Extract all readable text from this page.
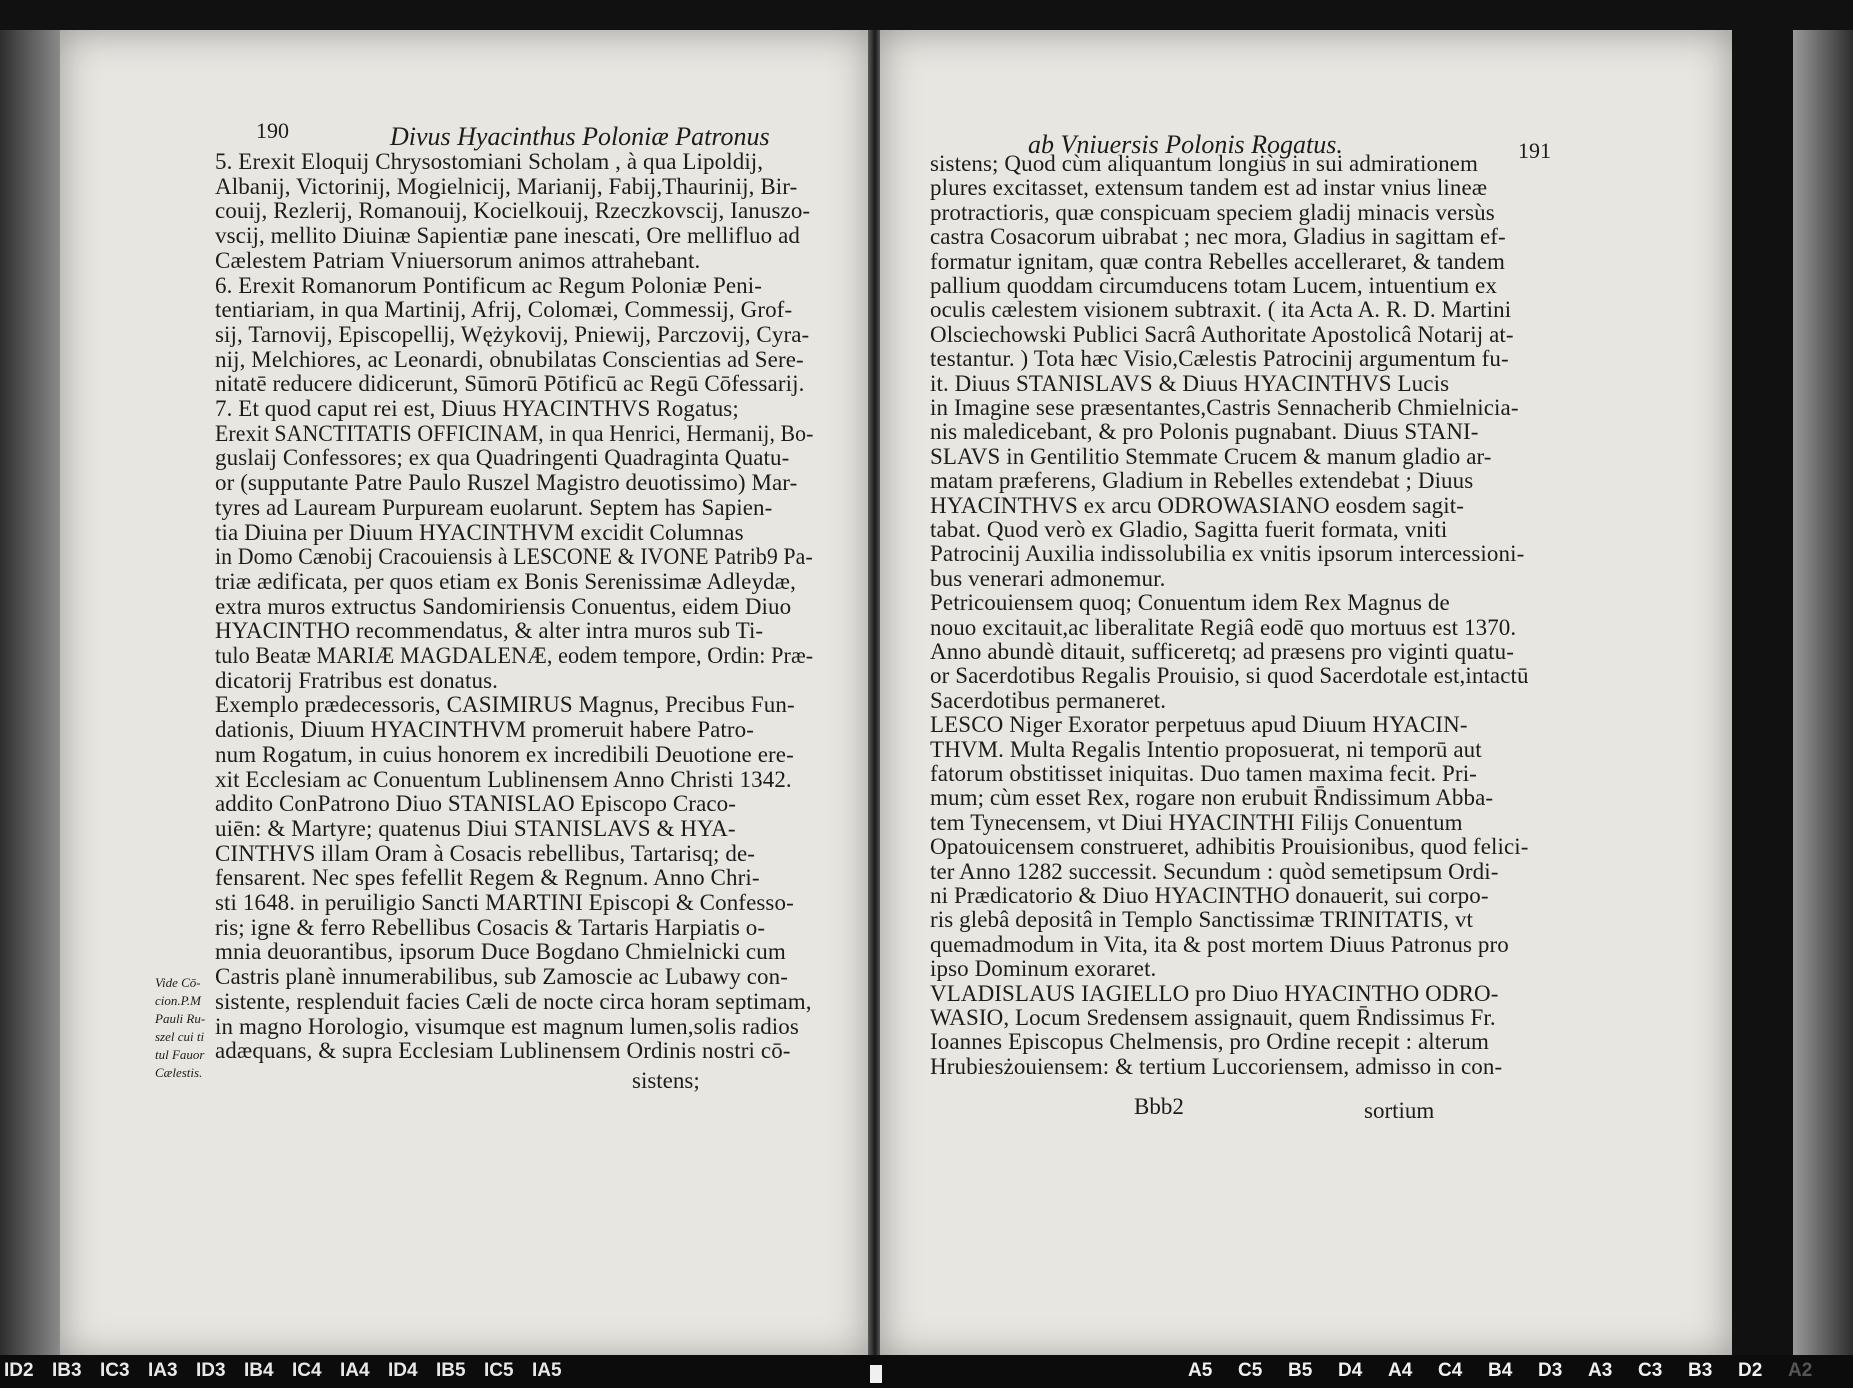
190	Divus Hyacinthus Poloniæ Patronus
5. Erexit Eloquij Chrysostomiani Scholam , à qua Lipoldij,
Albanij, Victorinij, Mogielnicij, Marianij, Fabij,Thaurinij, Bir-
couij, Rezlerij, Romanouij, Kocielkouij, Rzeczkovscij, Ianuszo-
vscij, mellito Diuinæ Sapientiæ pane inescati, Ore mellifluo ad
Cælestem Patriam Vniuersorum animos attrahebant.
6. Erexit Romanorum Pontificum ac Regum Poloniæ Peni-
tentiariam, in qua Martinij, Afrij, Colomæi, Commessij, Grof-
sij, Tarnovij, Episcopellij, Wężykovij, Pniewij, Parczovij, Cyra-
nij, Melchiores, ac Leonardi, obnubilatas Conscientias ad Sere-
nitatē reducere didicerunt, Sūmorū Pōtificū ac Regū Cōfessarij.
7. Et quod caput rei est, Diuus HYACINTHVS Rogatus;
Erexit SANCTITATIS OFFICINAM, in qua Henrici, Hermanij, Bo-
guslaij Confessores; ex qua Quadringenti Quadraginta Quatu-
or (supputante Patre Paulo Ruszel Magistro deuotissimo) Mar-
tyres ad Lauream Purpuream euolarunt. Septem has Sapien-
tia Diuina per Diuum HYACINTHVM excidit Columnas
in Domo Cænobij Cracouiensis à LESCONE & IVONE Patrib9 Pa-
triæ ædificata, per quos etiam ex Bonis Serenissimæ Adleydæ,
extra muros extructus Sandomiriensis Conuentus, eidem Diuo
HYACINTHO recommendatus, & alter intra muros sub Ti-
tulo Beatæ MARIÆ MAGDALENÆ, eodem tempore, Ordin: Præ-
dicatorij Fratribus est donatus.
Exemplo prædecessoris, CASIMIRUS Magnus, Precibus Fun-
dationis, Diuum HYACINTHVM promeruit habere Patro-
num Rogatum, in cuius honorem ex incredibili Deuotione ere-
xit Ecclesiam ac Conuentum Lublinensem Anno Christi 1342.
addito ConPatrono Diuo STANISLAO Episcopo Craco-
uiēn: & Martyre; quatenus Diui STANISLAVS & HYA-
CINTHVS illam Oram à Cosacis rebellibus, Tartarisq; de-
fensarent. Nec spes fefellit Regem & Regnum. Anno Chri-
sti 1648. in peruiligio Sancti MARTINI Episcopi & Confesso-
ris; igne & ferro Rebellibus Cosacis & Tartaris Harpiatis o-
mnia deuorantibus, ipsorum Duce Bogdano Chmielnicki cum
Castris planè innumerabilibus, sub Zamoscie ac Lubawy con-
sistente, resplenduit facies Cæli de nocte circa horam septimam,
in magno Horologio, visumque est magnum lumen,solis radios
adæquans, & supra Ecclesiam Lublinensem Ordinis nostri cō-
Vide Cō-
cion.P.M
Pauli Ru-
szel cui ti
tul Fauor
Cælestis.	sistens;
ab Vniuersis Polonis Rogatus.	191
sistens; Quod cùm aliquantum longiùs in sui admirationem
plures excitasset, extensum tandem est ad instar vnius lineæ
protractioris, quæ conspicuam speciem gladij minacis versùs
castra Cosacorum uibrabat ; nec mora, Gladius in sagittam ef-
formatur ignitam, quæ contra Rebelles accelleraret, & tandem
pallium quoddam circumducens totam Lucem, intuentium ex
oculis cælestem visionem subtraxit. ( ita Acta A. R. D. Martini
Olsciechowski Publici Sacrâ Authoritate Apostolicâ Notarij at-
testantur. ) Tota hæc Visio,Cælestis Patrocinij argumentum fu-
it. Diuus STANISLAVS & Diuus HYACINTHVS Lucis
in Imagine sese præsentantes,Castris Sennacherib Chmielnicia-
nis maledicebant, & pro Polonis pugnabant. Diuus STANI-
SLAVS in Gentilitio Stemmate Crucem & manum gladio ar-
matam præferens, Gladium in Rebelles extendebat ; Diuus
HYACINTHVS ex arcu ODROWASIANO eosdem sagit-
tabat. Quod verò ex Gladio, Sagitta fuerit formata, vniti
Patrocinij Auxilia indissolubilia ex vnitis ipsorum intercessioni-
bus venerari admonemur.
Petricouiensem quoq; Conuentum idem Rex Magnus de
nouo excitauit,ac liberalitate Regiâ eodē quo mortuus est 1370.
Anno abundè ditauit, sufficeretq; ad præsens pro viginti quatu-
or Sacerdotibus Regalis Prouisio, si quod Sacerdotale est,intactū
Sacerdotibus permaneret.
LESCO Niger Exorator perpetuus apud Diuum HYACIN-
THVM. Multa Regalis Intentio proposuerat, ni temporū aut
fatorum obstitisset iniquitas. Duo tamen maxima fecit. Pri-
mum; cùm esset Rex, rogare non erubuit R̄ndissimum Abba-
tem Tynecensem, vt Diui HYACINTHI Filijs Conuentum
Opatouicensem construeret, adhibitis Prouisionibus, quod felici-
ter Anno 1282 successit. Secundum : quòd semetipsum Ordi-
ni Prædicatorio & Diuo HYACINTHO donauerit, sui corpo-
ris glebâ depositâ in Templo Sanctissimæ TRINITATIS, vt
quemadmodum in Vita, ita & post mortem Diuus Patronus pro
ipso Dominum exoraret.
VLADISLAUS IAGIELLO pro Diuo HYACINTHO ODRO-
WASIO, Locum Sredensem assignauit, quem R̄ndissimus Fr.
Ioannes Episcopus Chelmensis, pro Ordine recepit : alterum
Hrubiesżouiensem: & tertium Luccoriensem, admisso in con-
Bbb2	sortium
ID2 IB3 IC3 IA3 ID3 IB4 IC4 IA4 ID4 IB5 IC5 IA5	A5 C5 B5 D4 A4 C4 B4 D3 A3 C3 B3 D2 A2
